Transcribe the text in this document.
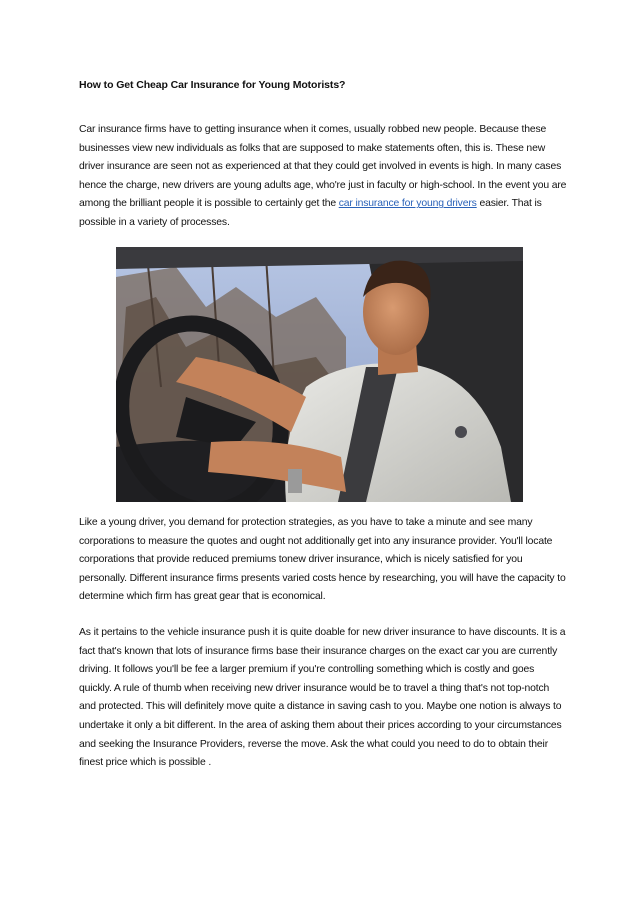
How to Get Cheap Car Insurance for Young Motorists?

Car insurance firms have to getting insurance when it comes, usually robbed new people. Because these businesses view new individuals as folks that are supposed to make statements often, this is. These new driver insurance are seen not as experienced at that they could get involved in events is high. In many cases hence the charge, new drivers are young adults age, who're just in faculty or high-school. In the event you are among the brilliant people it is possible to certainly get the car insurance for young drivers easier. That is possible in a variety of processes.

Like a young driver, you demand for protection strategies, as you have to take a minute and see many corporations to measure the quotes and ought not additionally get into any insurance provider. You'll locate corporations that provide reduced premiums tonew driver insurance, which is nicely satisfied for you personally. Different insurance firms presents varied costs hence by researching, you will have the capacity to determine which firm has great gear that is economical.

As it pertains to the vehicle insurance push it is quite doable for new driver insurance to have discounts. It is a fact that's known that lots of insurance firms base their insurance charges on the exact car you are currently driving. It follows you'll be fee a larger premium if you're controlling something which is costly and goes quickly. A rule of thumb when receiving new driver insurance would be to travel a thing that's not top-notch and protected. This will definitely move quite a distance in saving cash to you. Maybe one notion is always to undertake it only a bit different. In the area of asking them about their prices according to your circumstances and seeking the Insurance Providers, reverse the move. Ask the what could you need to do to obtain their finest price which is possible .
